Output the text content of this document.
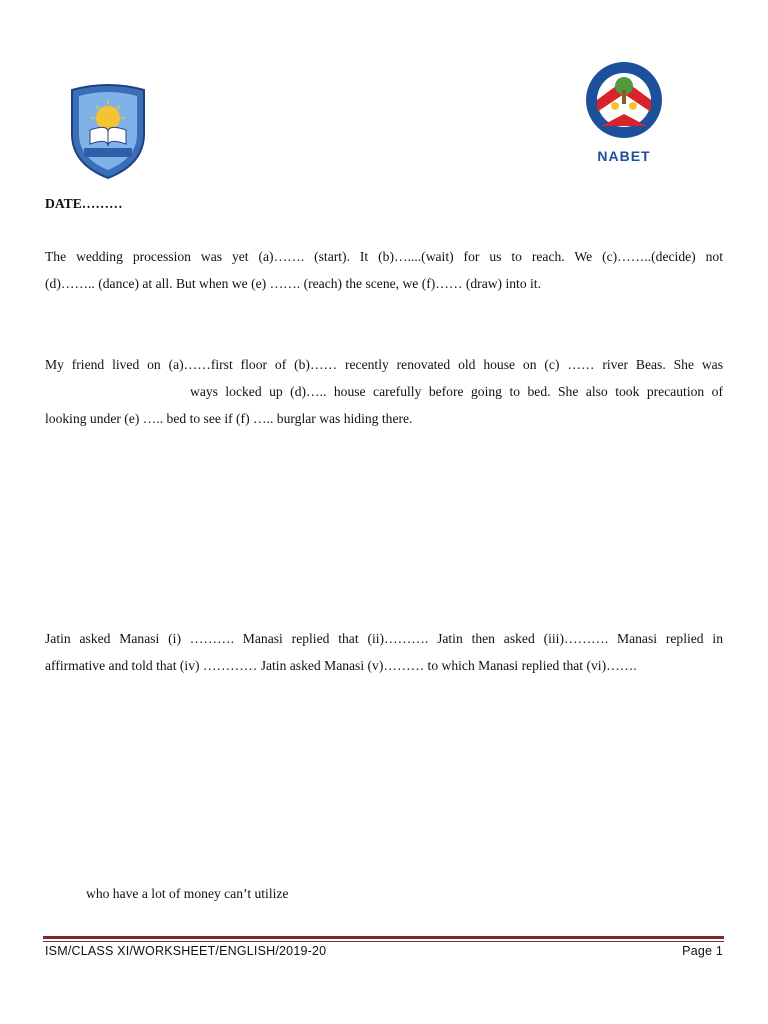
NABET
DATE………
The wedding procession was yet (a)……. (start). It (b)…....(wait) for us to reach. We (c)……..(decide) not
(d)…….. (dance) at all. But when we (e) ……. (reach) the scene, we (f)…… (draw) into it.
My friend lived on (a)……first floor of (b)…… recently renovated old house on (c) …… river Beas. She was
ways locked up (d)….. house carefully before going to bed. She also took precaution of
looking under (e) ….. bed to see if (f) ….. burglar was hiding there.
Jatin asked Manasi (i) ………. Manasi replied that (ii)………. Jatin then asked (iii)………. Manasi replied in
affirmative and told that (iv) ………… Jatin asked Manasi (v)……… to which Manasi replied that (vi)…….
who have a lot of money can’t utilize
ISM/CLASS XI/WORKSHEET/ENGLISH/2019-20	Page 1
